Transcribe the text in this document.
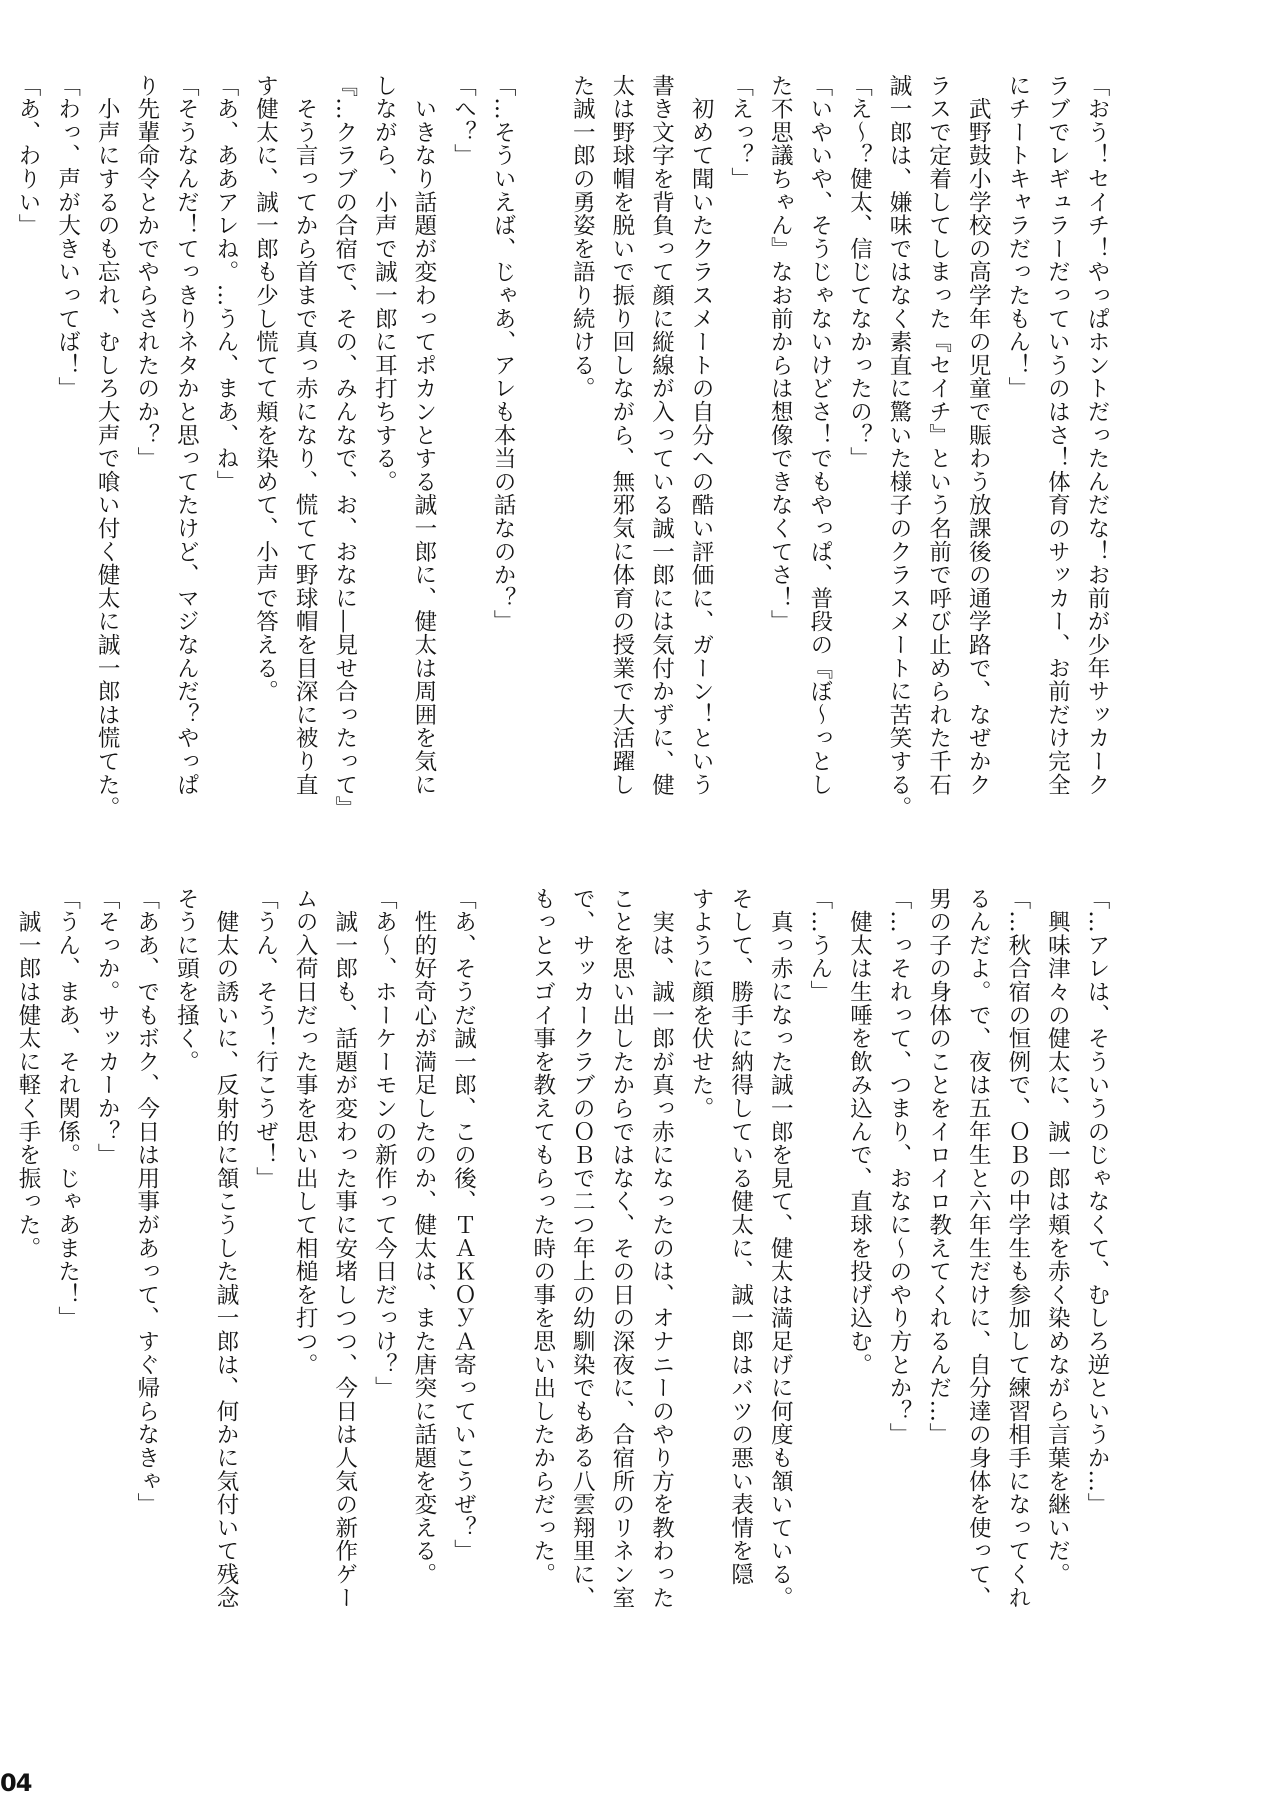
「おう！セイチ！やっぱホントだったんだな！お前が少年サッカーク
ラブでレギュラーだっていうのはさ！体育のサッカー、お前だけ完全
にチートキャラだったもん！」
　武野鼓小学校の高学年の児童で賑わう放課後の通学路で、なぜかク
ラスで定着してしまった『セイチ』という名前で呼び止められた千石
誠一郎は、嫌味ではなく素直に驚いた様子のクラスメートに苦笑する。
「え～？健太、信じてなかったの？」
「いやいや、そうじゃないけどさ！でもやっぱ、普段の『ぼ～っとし
た不思議ちゃん』なお前からは想像できなくてさ！」
「えっ？」
　初めて聞いたクラスメートの自分への酷い評価に、ガーン！という
書き文字を背負って顔に縦線が入っている誠一郎には気付かずに、健
太は野球帽を脱いで振り回しながら、無邪気に体育の授業で大活躍し
た誠一郎の勇姿を語り続ける。

「…そういえば、じゃあ、アレも本当の話なのか？」
「へ？」
　いきなり話題が変わってポカンとする誠一郎に、健太は周囲を気に
しながら、小声で誠一郎に耳打ちする。
『…クラブの合宿で、その、みんなで、お、おなに―見せ合ったって』
　そう言ってから首まで真っ赤になり、慌てて野球帽を目深に被り直
す健太に、誠一郎も少し慌てて頬を染めて、小声で答える。
「あ、ああアレね。…うん、まあ、ね」
「そうなんだ！てっきりネタかと思ってたけど、マジなんだ？やっぱ
り先輩命令とかでやらされたのか？」
　小声にするのも忘れ、むしろ大声で喰い付く健太に誠一郎は慌てた。
「わっ、声が大きいってば！」
「あ、わりい」
「…アレは、そういうのじゃなくて、むしろ逆というか…」
　興味津々の健太に、誠一郎は頬を赤く染めながら言葉を継いだ。
「…秋合宿の恒例で、ＯＢの中学生も参加して練習相手になってくれ
るんだよ。で、夜は五年生と六年生だけに、自分達の身体を使って、
男の子の身体のことをイロイロ教えてくれるんだ…」
「…っそれって、つまり、おなに～のやり方とか？」
　健太は生唾を飲み込んで、直球を投げ込む。
「…うん」
　真っ赤になった誠一郎を見て、健太は満足げに何度も頷いている。
そして、勝手に納得している健太に、誠一郎はバツの悪い表情を隠
すように顔を伏せた。
　実は、誠一郎が真っ赤になったのは、オナニーのやり方を教わった
ことを思い出したからではなく、その日の深夜に、合宿所のリネン室
で、サッカークラブのＯＢで二つ年上の幼馴染でもある八雲翔里に、
もっとスゴイ事を教えてもらった時の事を思い出したからだった。

「あ、そうだ誠一郎、この後、ＴＡＫＯｙＡ寄っていこうぜ？」
　性的好奇心が満足したのか、健太は、また唐突に話題を変える。
「あ～、ホーケーモンの新作って今日だっけ？」
　誠一郎も、話題が変わった事に安堵しつつ、今日は人気の新作ゲー
ムの入荷日だった事を思い出して相槌を打つ。
「うん、そう！行こうぜ！」
　健太の誘いに、反射的に頷こうした誠一郎は、何かに気付いて残念
そうに頭を掻く。
「ああ、でもボク、今日は用事があって、すぐ帰らなきゃ」
「そっか。サッカーか？」
「うん、まあ、それ関係。じゃあまた！」
　誠一郎は健太に軽く手を振った。
04
